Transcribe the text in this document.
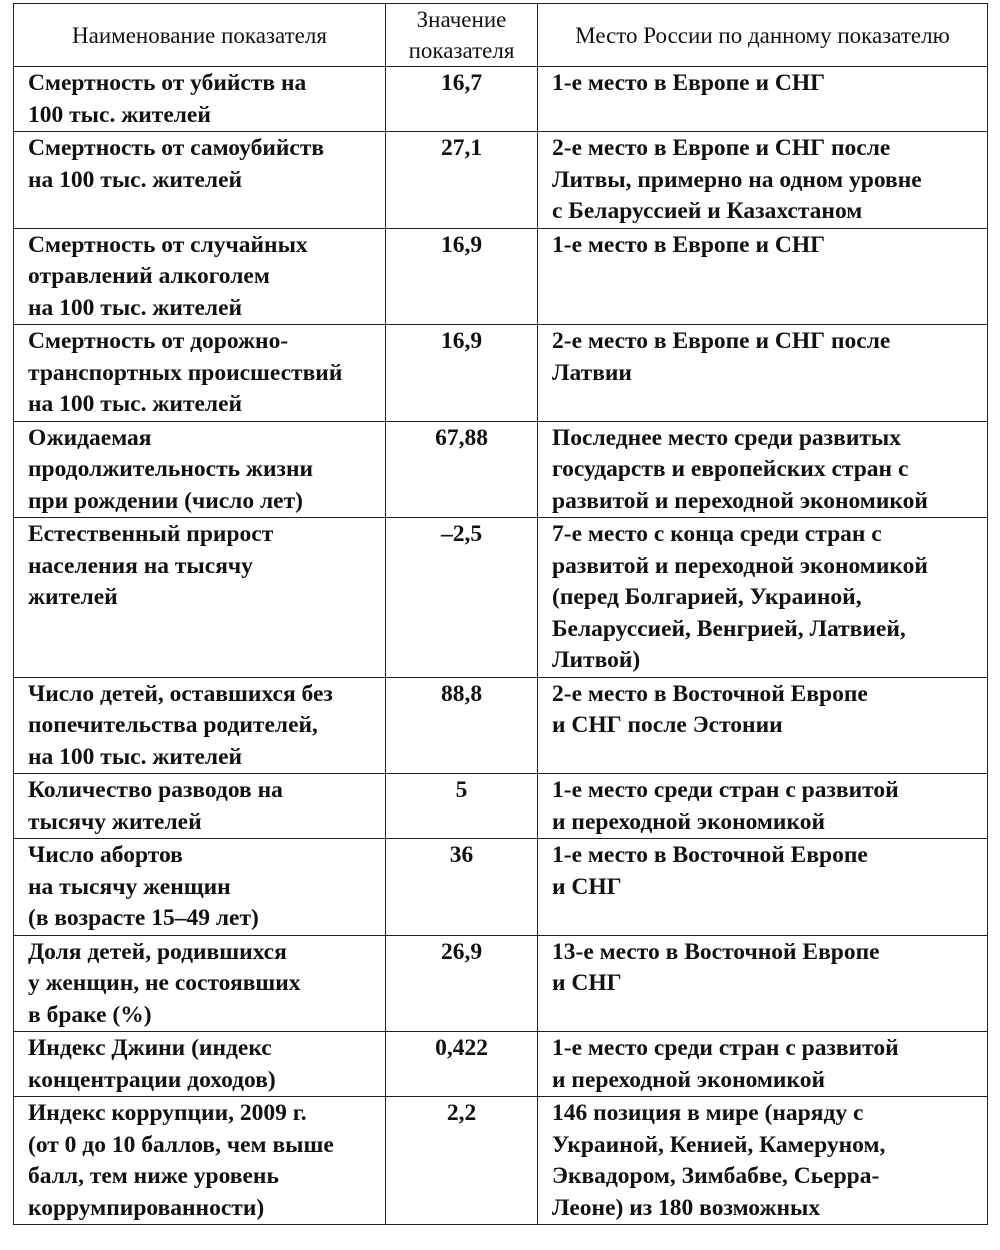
Наименование показателя	Значение показателя	Место России по данному показателю

Смертность от убийств на
100 тыс. жителей	16,7	1-е место в Европе и СНГ

Смертность от самоубийств
на 100 тыс. жителей	27,1	2-е место в Европе и СНГ после
Литвы, примерно на одном уровне
с Беларуссией и Казахстаном

Смертность от случайных
отравлений алкоголем
на 100 тыс. жителей	16,9	1-е место в Европе и СНГ

Смертность от дорожно-
транспортных происшествий
на 100 тыс. жителей	16,9	2-е место в Европе и СНГ после
Латвии

Ожидаемая
продолжительность жизни
при рождении (число лет)	67,88	Последнее место среди развитых
государств и европейских стран с
развитой и переходной экономикой

Естественный прирост
населения на тысячу
жителей	–2,5	7-е место с конца среди стран с
развитой и переходной экономикой
(перед Болгарией, Украиной,
Беларуссией, Венгрией, Латвией,
Литвой)

Число детей, оставшихся без
попечительства родителей,
на 100 тыс. жителей	88,8	2-е место в Восточной Европе
и СНГ после Эстонии

Количество разводов на
тысячу жителей	5	1-е место среди стран с развитой
и переходной экономикой

Число абортов
на тысячу женщин
(в возрасте 15–49 лет)	36	1-е место в Восточной Европе
и СНГ

Доля детей, родившихся
у женщин, не состоявших
в браке (%)	26,9	13-е место в Восточной Европе
и СНГ

Индекс Джини (индекс
концентрации доходов)	0,422	1-е место среди стран с развитой
и переходной экономикой

Индекс коррупции, 2009 г.
(от 0 до 10 баллов, чем выше
балл, тем ниже уровень
коррумпированности)	2,2	146 позиция в мире (наряду с
Украиной, Кенией, Камеруном,
Эквадором, Зимбабве, Сьерра-
Леоне) из 180 возможных
